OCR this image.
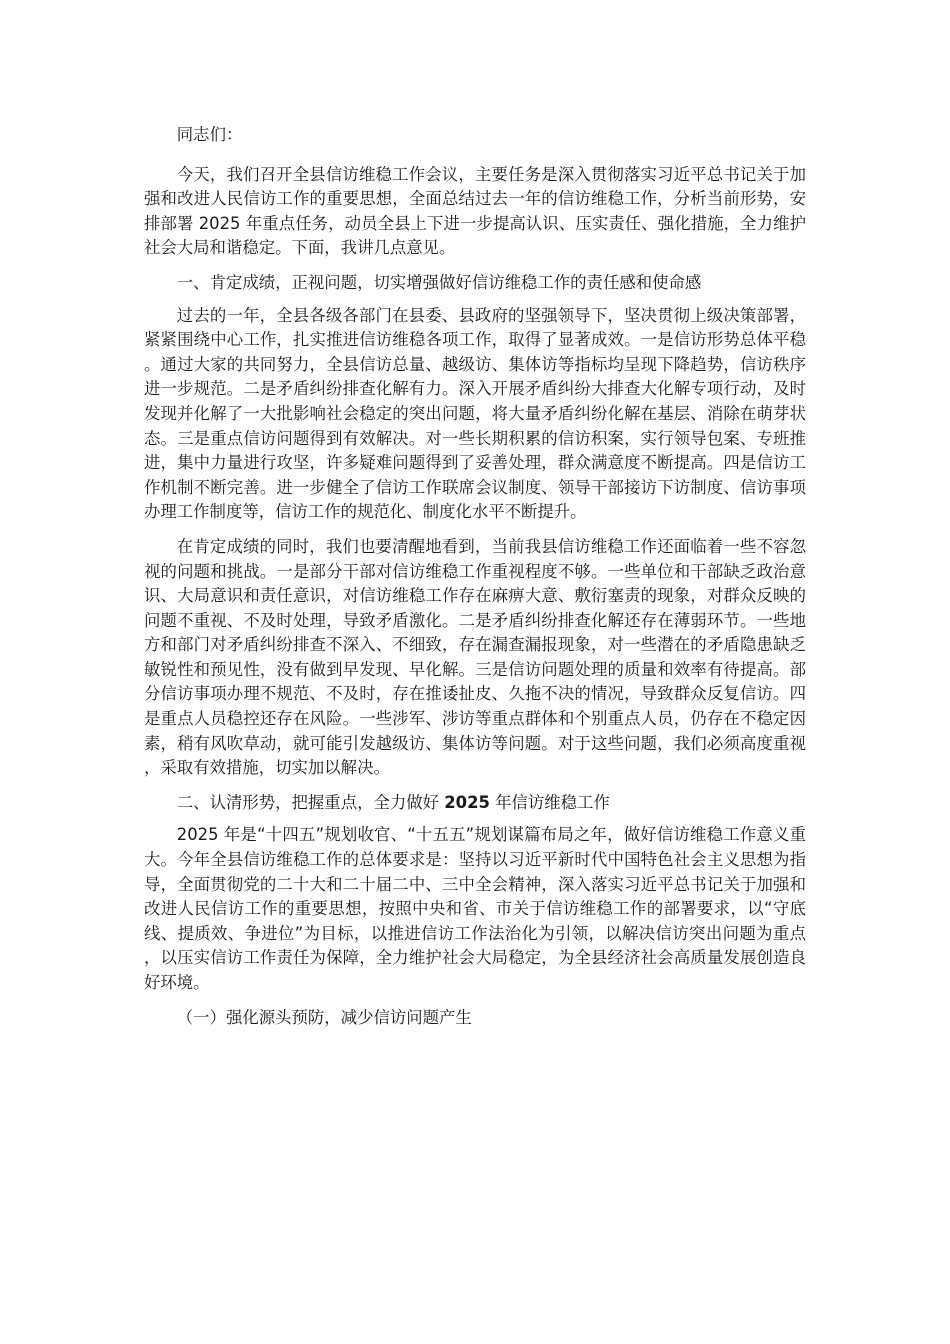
同志们：

今天，我们召开全县信访维稳工作会议，主要任务是深入贯彻落实习近平总书记关于加强和改进人民信访工作的重要思想，全面总结过去一年的信访维稳工作，分析当前形势，安排部署 2025 年重点任务，动员全县上下进一步提高认识、压实责任、强化措施，全力维护社会大局和谐稳定。下面，我讲几点意见。

一、肯定成绩，正视问题，切实增强做好信访维稳工作的责任感和使命感

过去的一年，全县各级各部门在县委、县政府的坚强领导下，坚决贯彻上级决策部署，紧紧围绕中心工作，扎实推进信访维稳各项工作，取得了显著成效。一是信访形势总体平稳。通过大家的共同努力，全县信访总量、越级访、集体访等指标均呈现下降趋势，信访秩序进一步规范。二是矛盾纠纷排查化解有力。深入开展矛盾纠纷大排查大化解专项行动，及时发现并化解了一大批影响社会稳定的突出问题，将大量矛盾纠纷化解在基层、消除在萌芽状态。三是重点信访问题得到有效解决。对一些长期积累的信访积案，实行领导包案、专班推进，集中力量进行攻坚，许多疑难问题得到了妥善处理，群众满意度不断提高。四是信访工作机制不断完善。进一步健全了信访工作联席会议制度、领导干部接访下访制度、信访事项办理工作制度等，信访工作的规范化、制度化水平不断提升。

在肯定成绩的同时，我们也要清醒地看到，当前我县信访维稳工作还面临着一些不容忽视的问题和挑战。一是部分干部对信访维稳工作重视程度不够。一些单位和干部缺乏政治意识、大局意识和责任意识，对信访维稳工作存在麻痹大意、敷衍塞责的现象，对群众反映的问题不重视、不及时处理，导致矛盾激化。二是矛盾纠纷排查化解还存在薄弱环节。一些地方和部门对矛盾纠纷排查不深入、不细致，存在漏查漏报现象，对一些潜在的矛盾隐患缺乏敏锐性和预见性，没有做到早发现、早化解。三是信访问题处理的质量和效率有待提高。部分信访事项办理不规范、不及时，存在推诿扯皮、久拖不决的情况，导致群众反复信访。四是重点人员稳控还存在风险。一些涉军、涉访等重点群体和个别重点人员，仍存在不稳定因素，稍有风吹草动，就可能引发越级访、集体访等问题。对于这些问题，我们必须高度重视，采取有效措施，切实加以解决。

二、认清形势，把握重点，全力做好 2025 年信访维稳工作

2025 年是“十四五”规划收官、“十五五”规划谋篇布局之年，做好信访维稳工作意义重大。今年全县信访维稳工作的总体要求是：坚持以习近平新时代中国特色社会主义思想为指导，全面贯彻党的二十大和二十届二中、三中全会精神，深入落实习近平总书记关于加强和改进人民信访工作的重要思想，按照中央和省、市关于信访维稳工作的部署要求，以“守底线、提质效、争进位”为目标，以推进信访工作法治化为引领，以解决信访突出问题为重点，以压实信访工作责任为保障，全力维护社会大局稳定，为全县经济社会高质量发展创造良好环境。

（一）强化源头预防，减少信访问题产生
